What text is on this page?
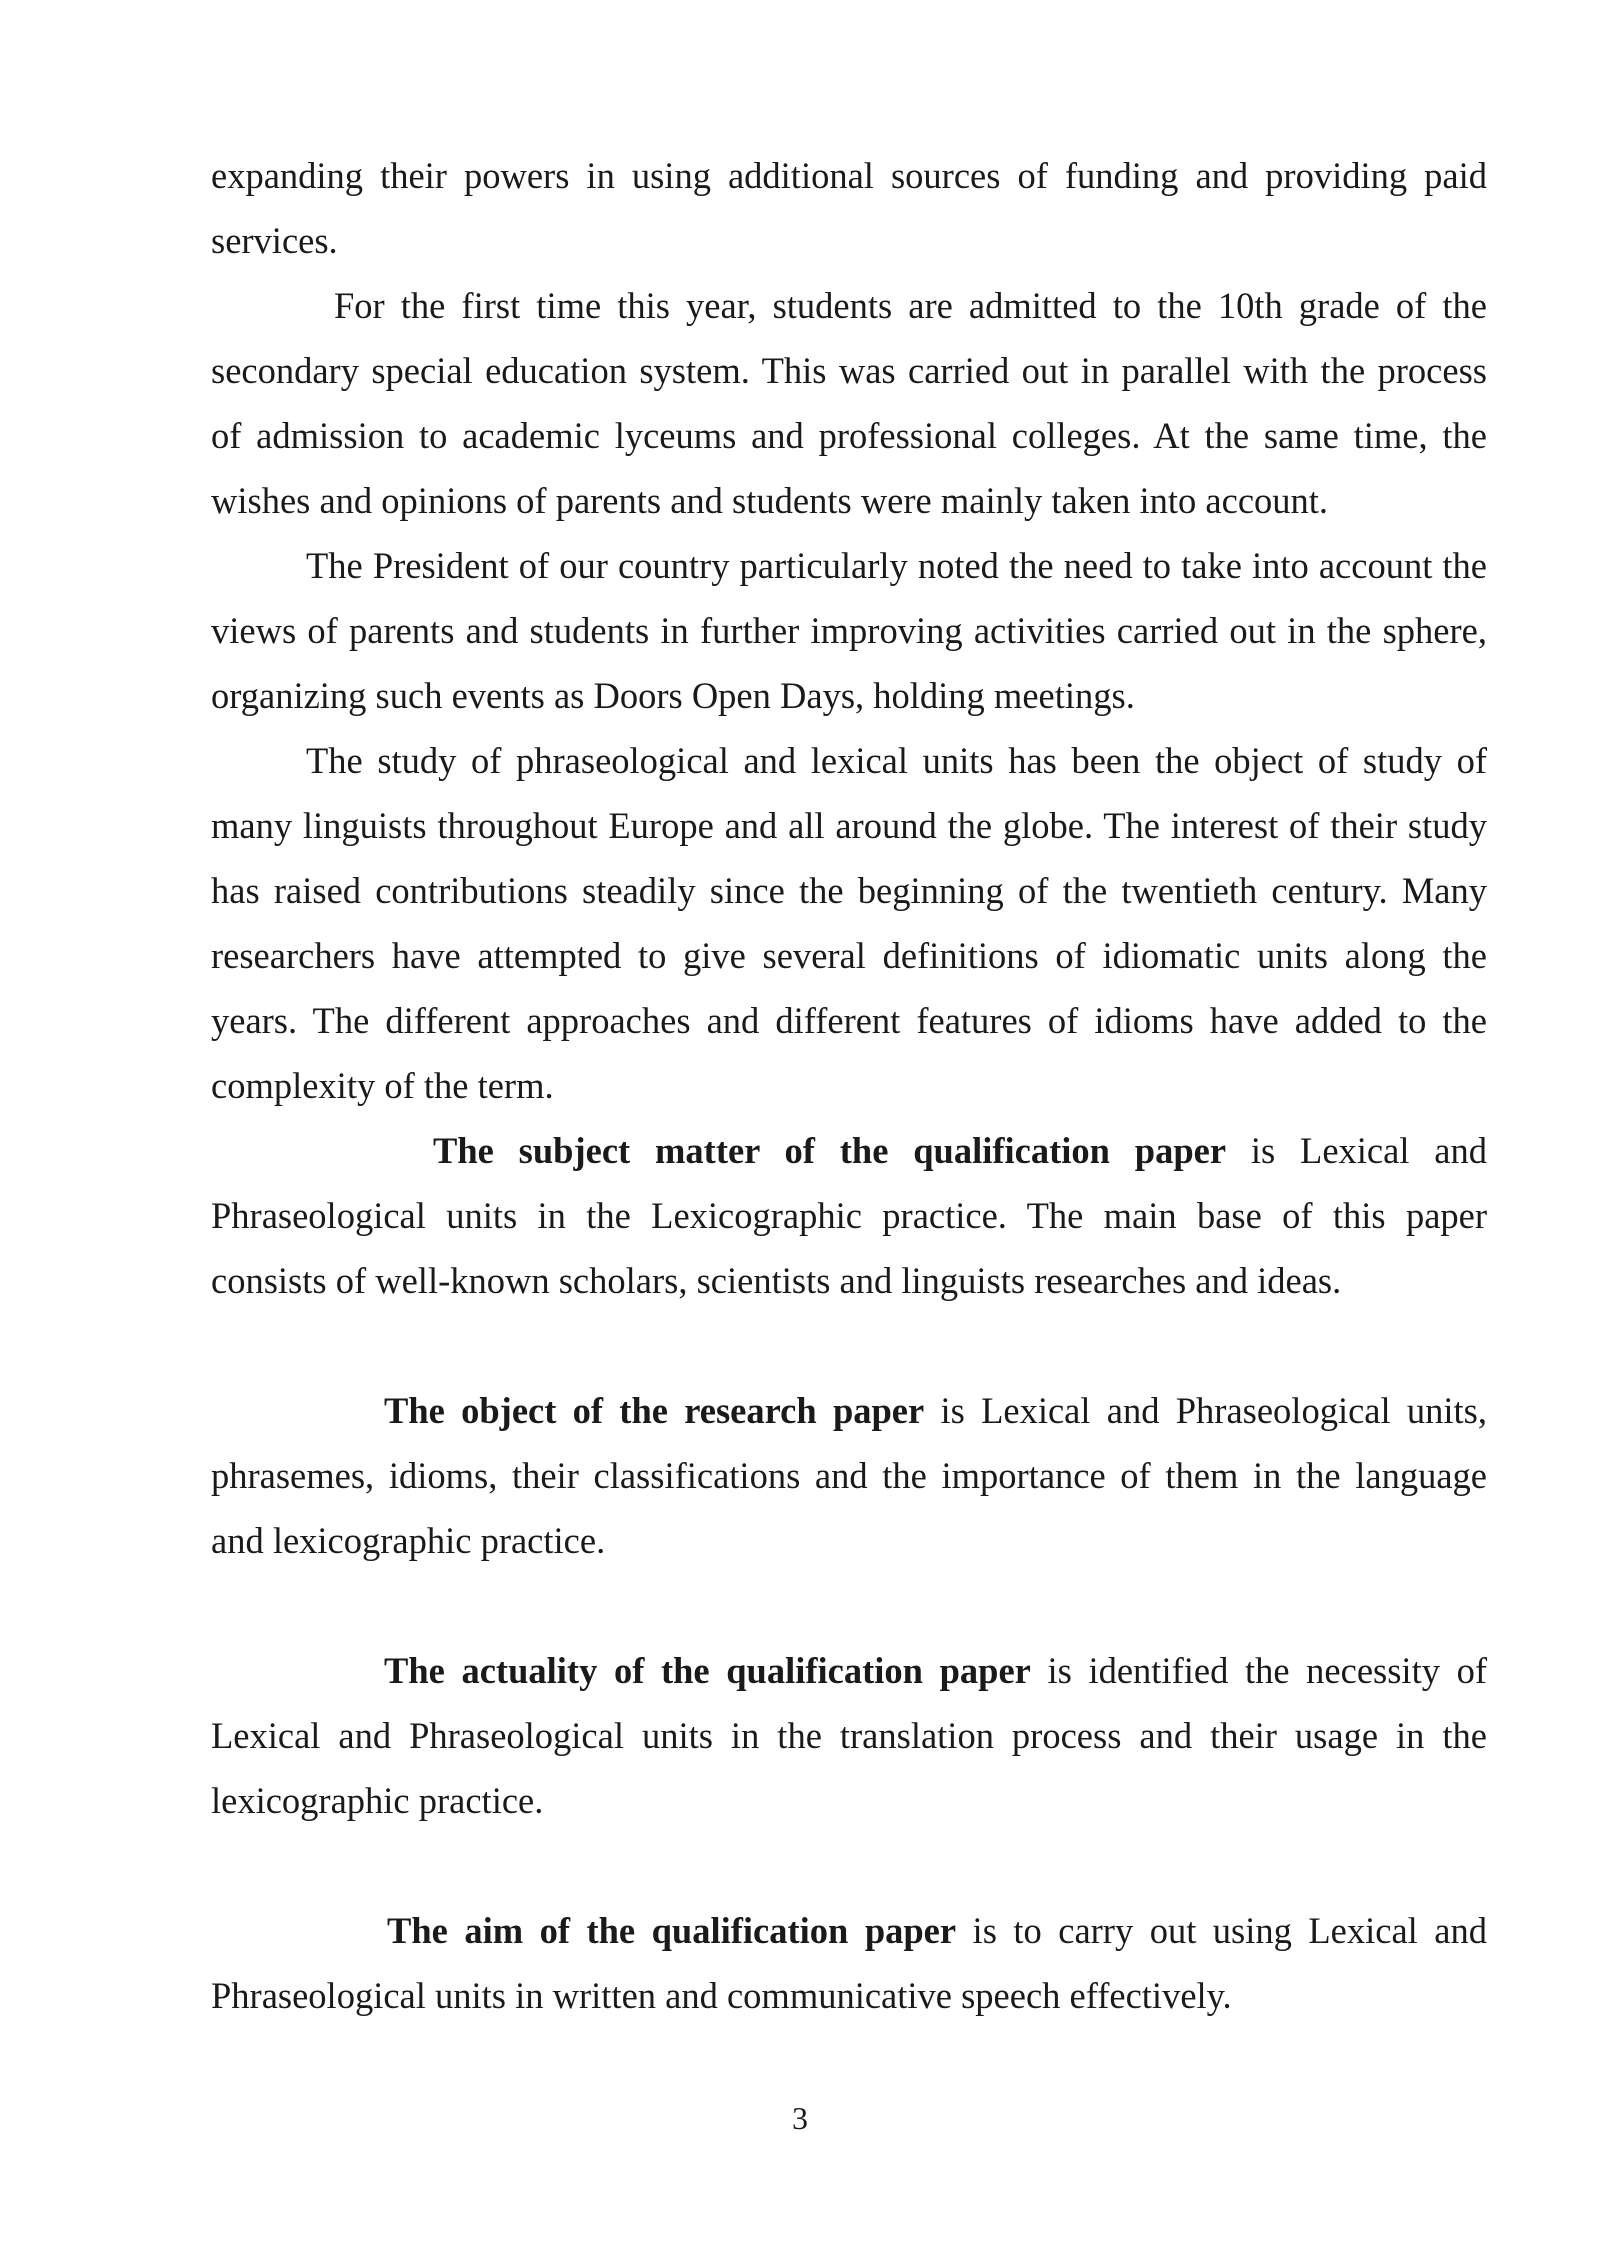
expanding their powers in using additional sources of funding and providing paid services.

For the first time this year, students are admitted to the 10th grade of the secondary special education system. This was carried out in parallel with the process of admission to academic lyceums and professional colleges. At the same time, the wishes and opinions of parents and students were mainly taken into account.

The President of our country particularly noted the need to take into account the views of parents and students in further improving activities carried out in the sphere, organizing such events as Doors Open Days, holding meetings.

The study of phraseological and lexical units has been the object of study of many linguists throughout Europe and all around the globe. The interest of their study has raised contributions steadily since the beginning of the twentieth century. Many researchers have attempted to give several definitions of idiomatic units along the years. The different approaches and different features of idioms have added to the complexity of the term.

The subject matter of the qualification paper is Lexical and Phraseological units in the Lexicographic practice. The main base of this paper consists of well-known scholars, scientists and linguists researches and ideas.

The object of the research paper is Lexical and Phraseological units, phrasemes, idioms, their classifications and the importance of them in the language and lexicographic practice.

The actuality of the qualification paper is identified the necessity of Lexical and Phraseological units in the translation process and their usage in the lexicographic practice.

The aim of the qualification paper is to carry out using Lexical and Phraseological units in written and communicative speech effectively.

3
